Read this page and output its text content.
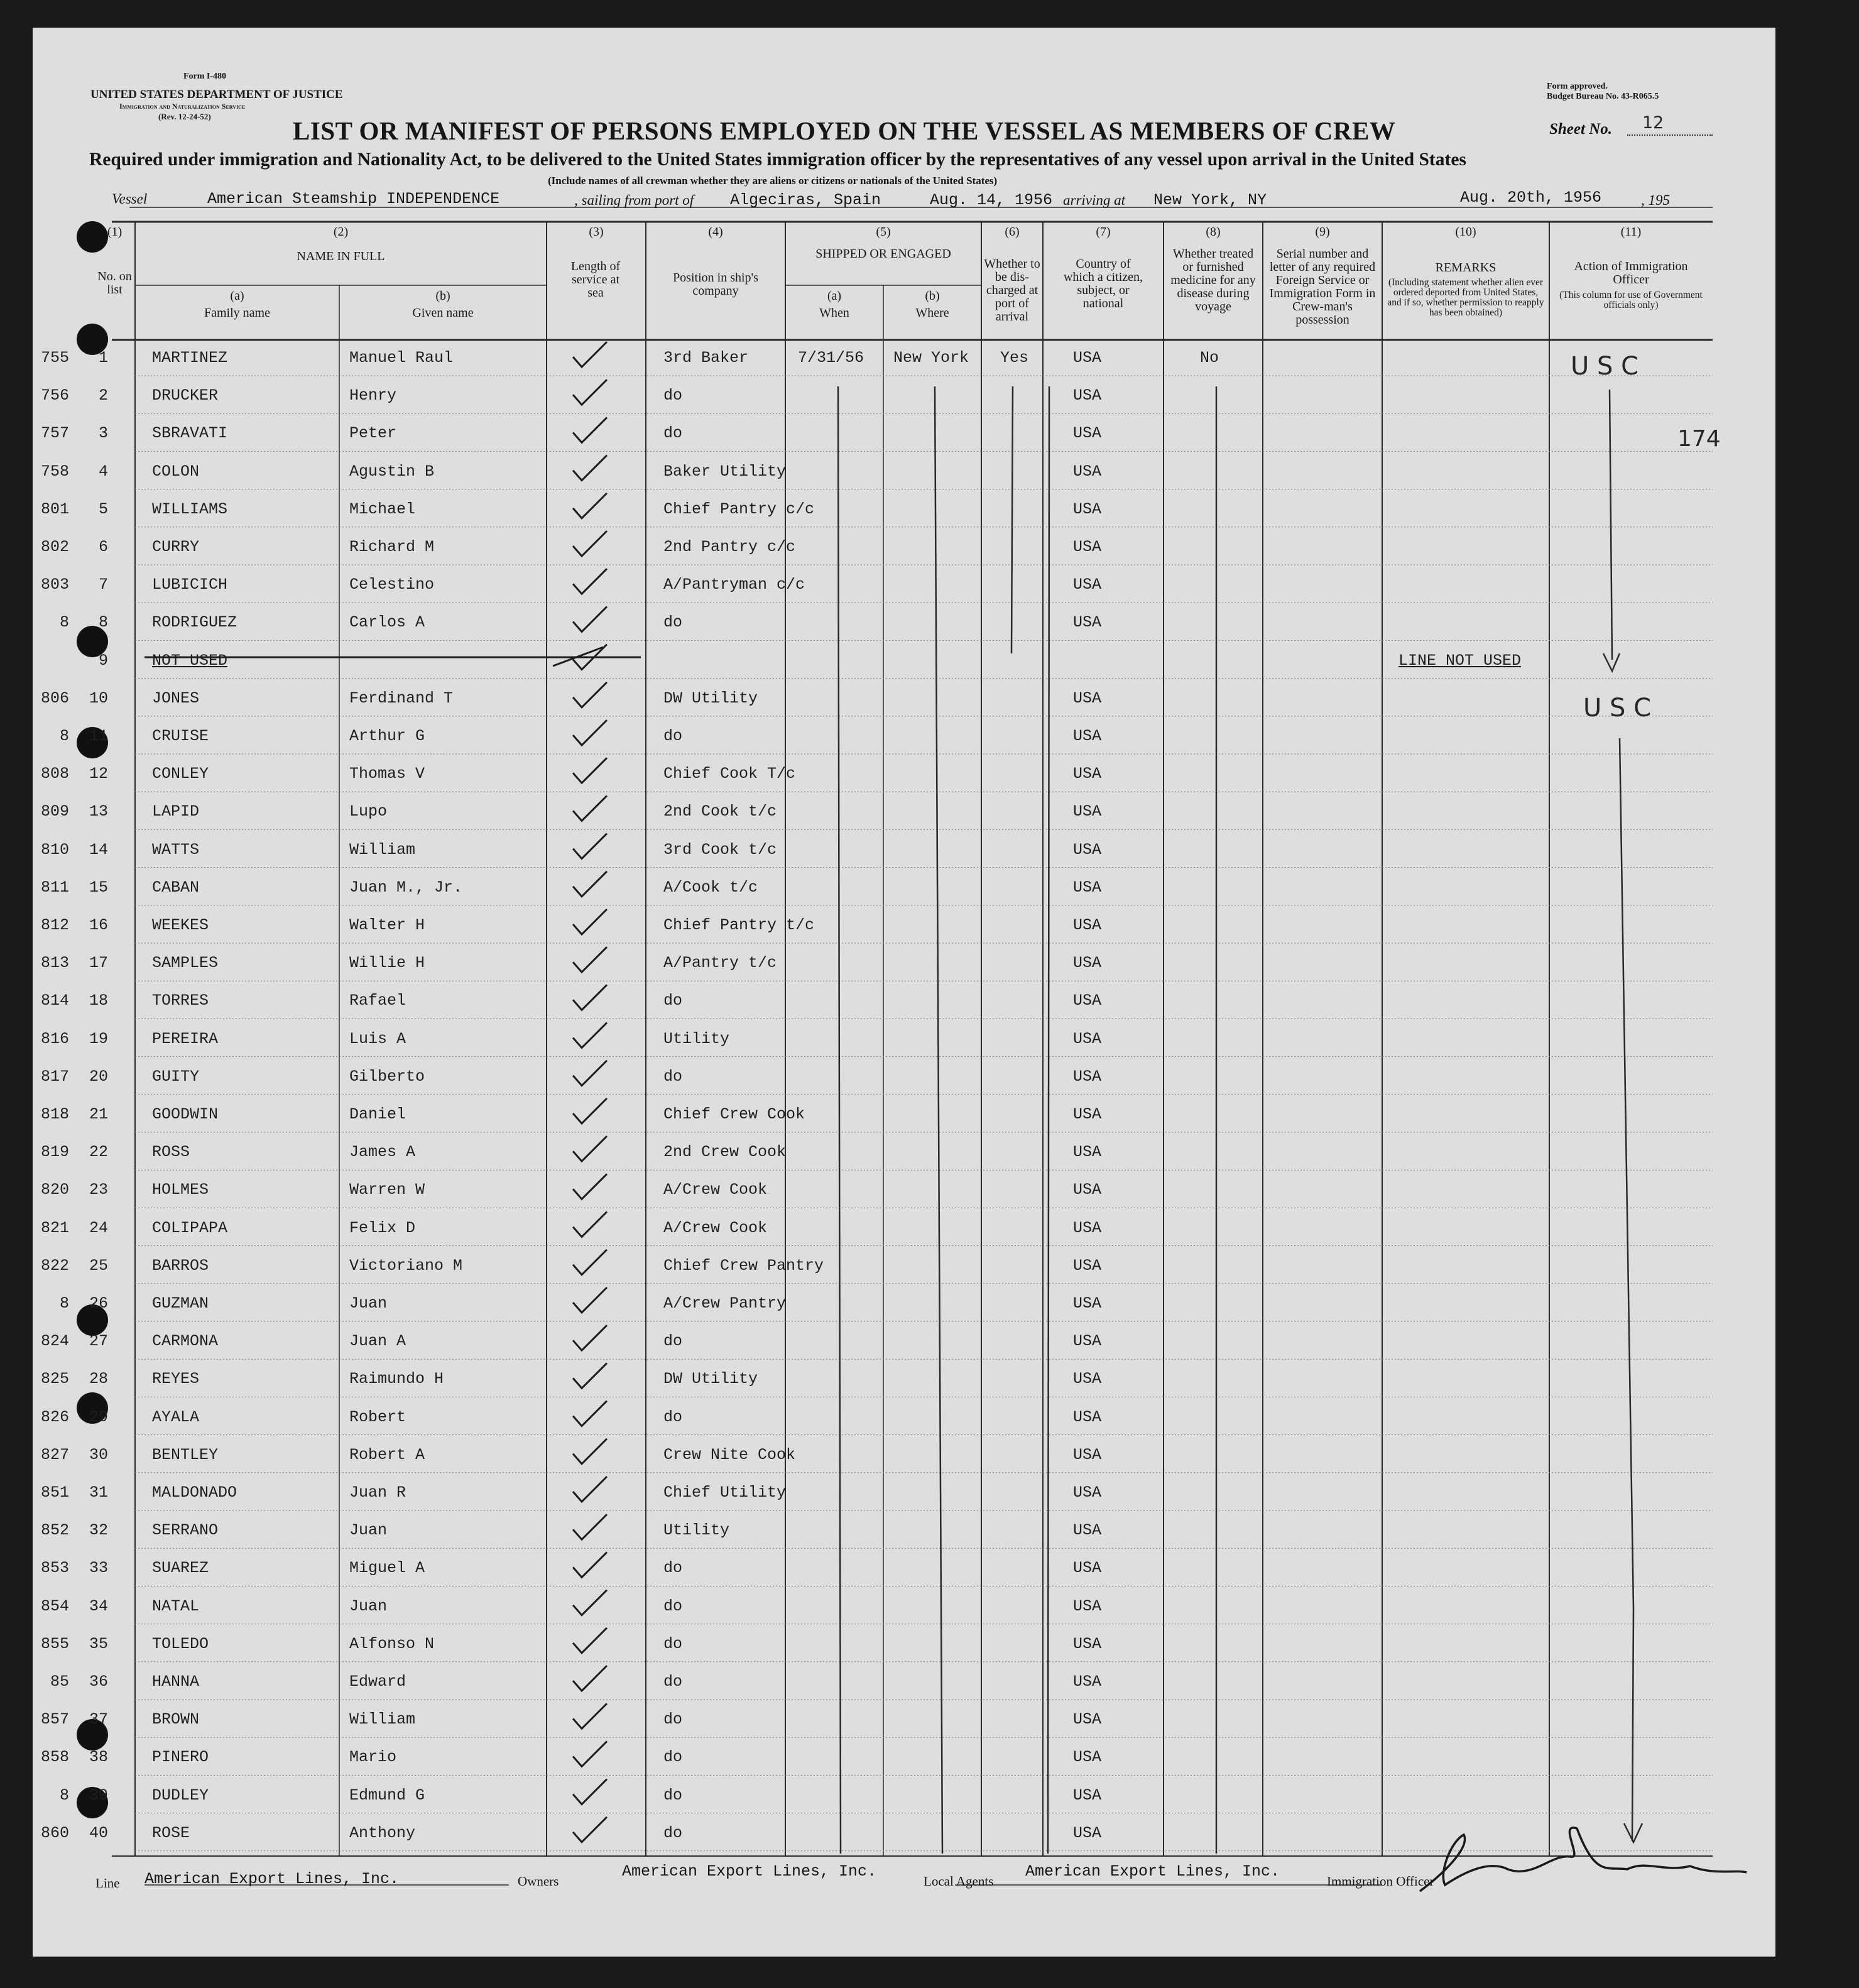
Form I-480
UNITED STATES DEPARTMENT OF JUSTICE
Immigration and Naturalization Service
(Rev. 12-24-52)
Form approved.
Budget Bureau No. 43-R065.5
LIST OR MANIFEST OF PERSONS EMPLOYED ON THE VESSEL AS MEMBERS OF CREW	Sheet No. 12
Required under immigration and Nationality Act, to be delivered to the United States immigration officer by the representatives of any vessel upon arrival in the United States
(Include names of all crewman whether they are aliens or citizens or nationals of the United States)
Vessel	American Steamship INDEPENDENCE	, sailing from port of Algeciras, Spain	Aug. 14, 1956 arriving at New York, NY	Aug. 20th, 1956	, 195
(1)
No. on list
(2)
NAME IN FULL
(a)
Family name
(b)
Given name
(3)
Length of service at sea
(4)
Position in ship's company
(5)
SHIPPED OR ENGAGED
(a)
When
(b)
Where
(6)
Whether to be dis-charged at port of arrival
(7)
Country of which a citizen, subject, or national
(8)
Whether treated or furnished medicine for any disease during voyage
(9)
Serial number and letter of any required Foreign Service or Immigration Form in Crew-man's possession
(10)
REMARKS
(Including statement whether alien ever ordered deported from United States, and if so, whether permission to reapply has been obtained)
(11)
Action of Immigration Officer
(This column for use of Government officials only)
755	1	MARTINEZ	Manuel Raul	3rd Baker	7/31/56	New York	Yes	USA	No
756	2	DRUCKER	Henry	do	USA
757	3	SBRAVATI	Peter	do	USA
758	4	COLON	Agustin B	Baker Utility	USA
801	5	WILLIAMS	Michael	Chief Pantry c/c	USA
802	6	CURRY	Richard M	2nd Pantry c/c	USA
803	7	LUBICICH	Celestino	A/Pantryman c/c	USA
8	8	RODRIGUEZ	Carlos A	do	USA
9	NOT USED	LINE NOT USED
806	10	JONES	Ferdinand T	DW Utility	USA
8	11	CRUISE	Arthur G	do	USA
808	12	CONLEY	Thomas V	Chief Cook T/c	USA
809	13	LAPID	Lupo	2nd Cook t/c	USA
810	14	WATTS	William	3rd Cook t/c	USA
811	15	CABAN	Juan M., Jr.	A/Cook t/c	USA
812	16	WEEKES	Walter H	Chief Pantry t/c	USA
813	17	SAMPLES	Willie H	A/Pantry t/c	USA
814	18	TORRES	Rafael	do	USA
816	19	PEREIRA	Luis A	Utility	USA
817	20	GUITY	Gilberto	do	USA
818	21	GOODWIN	Daniel	Chief Crew Cook	USA
819	22	ROSS	James A	2nd Crew Cook	USA
820	23	HOLMES	Warren W	A/Crew Cook	USA
821	24	COLIPAPA	Felix D	A/Crew Cook	USA
822	25	BARROS	Victoriano M	Chief Crew Pantry	USA
8	26	GUZMAN	Juan	A/Crew Pantry	USA
824	27	CARMONA	Juan A	do	USA
825	28	REYES	Raimundo H	DW Utility	USA
826	29	AYALA	Robert	do	USA
827	30	BENTLEY	Robert A	Crew Nite Cook	USA
851	31	MALDONADO	Juan R	Chief Utility	USA
852	32	SERRANO	Juan	Utility	USA
853	33	SUAREZ	Miguel A	do	USA
854	34	NATAL	Juan	do	USA
855	35	TOLEDO	Alfonso N	do	USA
85	36	HANNA	Edward	do	USA
857	37	BROWN	William	do	USA
858	38	PINERO	Mario	do	USA
8	39	DUDLEY	Edmund G	do	USA
860	40	ROSE	Anthony	do	USA
U S C
U S C
174
Line American Export Lines, Inc.	Owners
American Export Lines, Inc.
Local Agents
American Export Lines, Inc.
Immigration Officer
